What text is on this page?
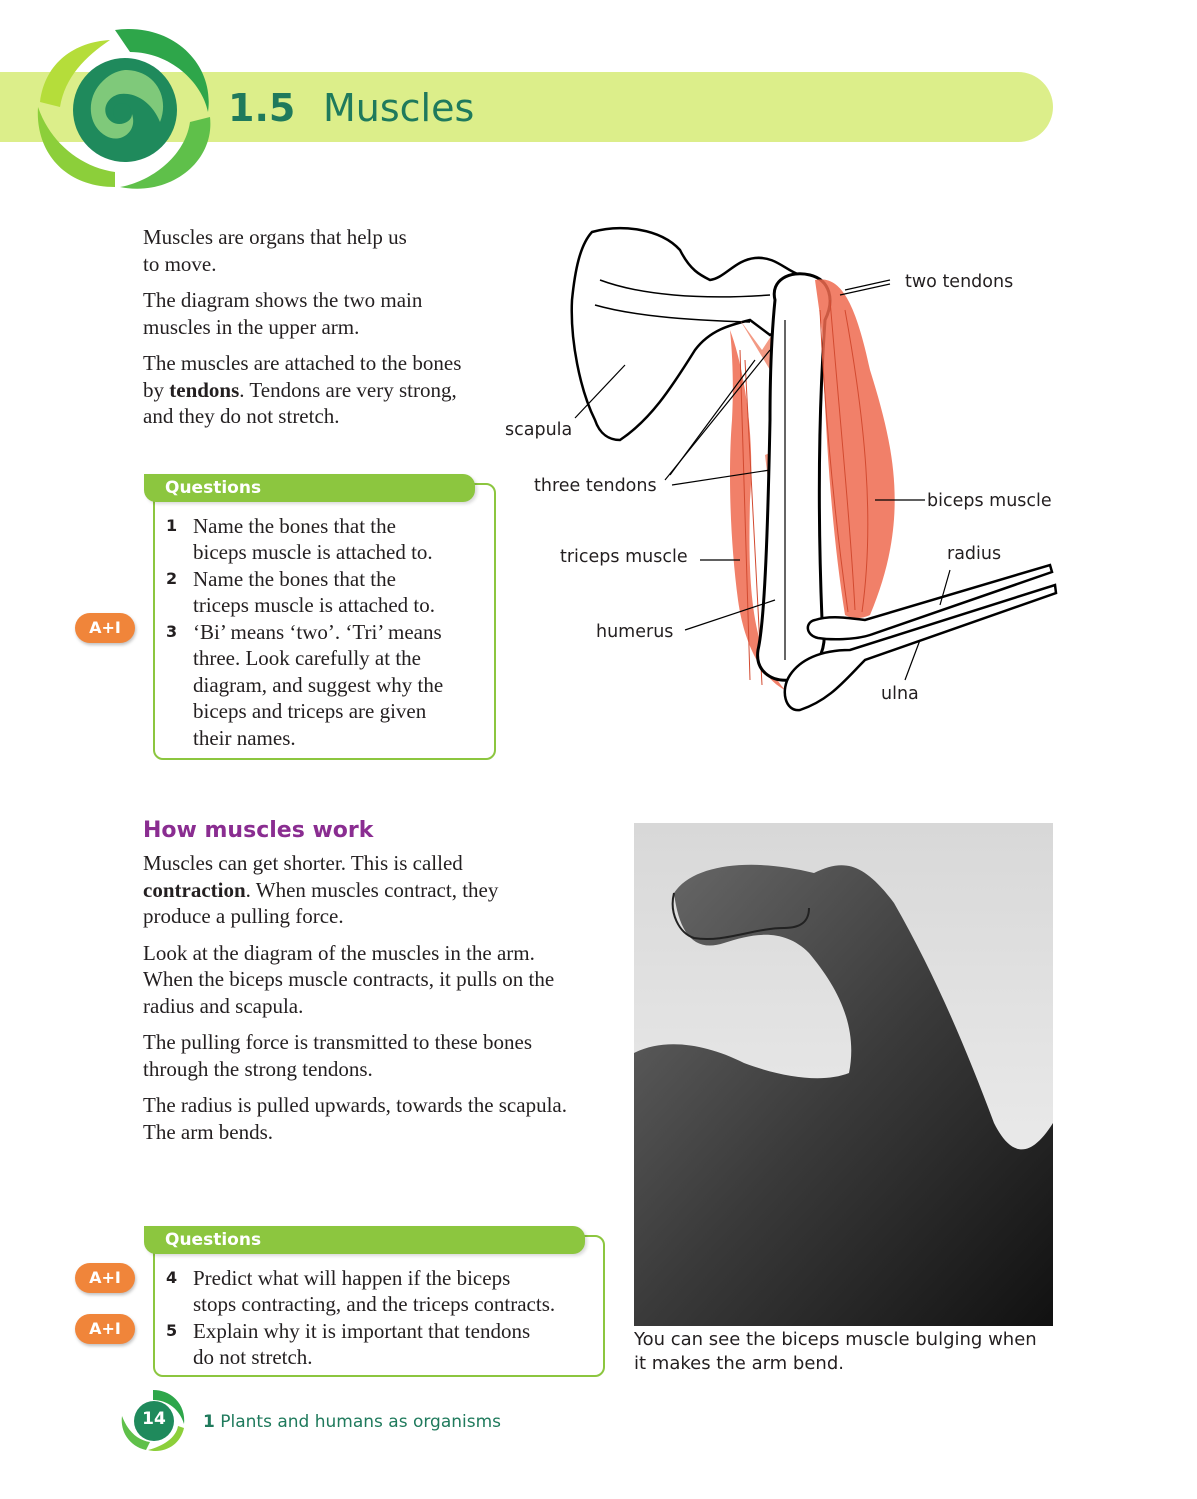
1.5 Muscles

Muscles are organs that help us
to move.

The diagram shows the two main
muscles in the upper arm.

The muscles are attached to the bones
by tendons. Tendons are very strong,
and they do not stretch.

Questions
1 Name the bones that the
biceps muscle is attached to.
2 Name the bones that the
triceps muscle is attached to.
3 ‘Bi’ means ‘two’. ‘Tri’ means
three. Look carefully at the
diagram, and suggest why the
biceps and triceps are given
their names.
A+I
two tendons
scapula
three tendons
biceps muscle
radius
triceps muscle
humerus
ulna
How muscles work

Muscles can get shorter. This is called
contraction. When muscles contract, they
produce a pulling force.

Look at the diagram of the muscles in the arm.
When the biceps muscle contracts, it pulls on the
radius and scapula.

The pulling force is transmitted to these bones
through the strong tendons.

The radius is pulled upwards, towards the scapula.
The arm bends.

Questions
4 Predict what will happen if the biceps
stops contracting, and the triceps contracts.
5 Explain why it is important that tendons
do not stretch.
A+I
A+I
You can see the biceps muscle bulging when
it makes the arm bend.
14	1 Plants and humans as organisms
